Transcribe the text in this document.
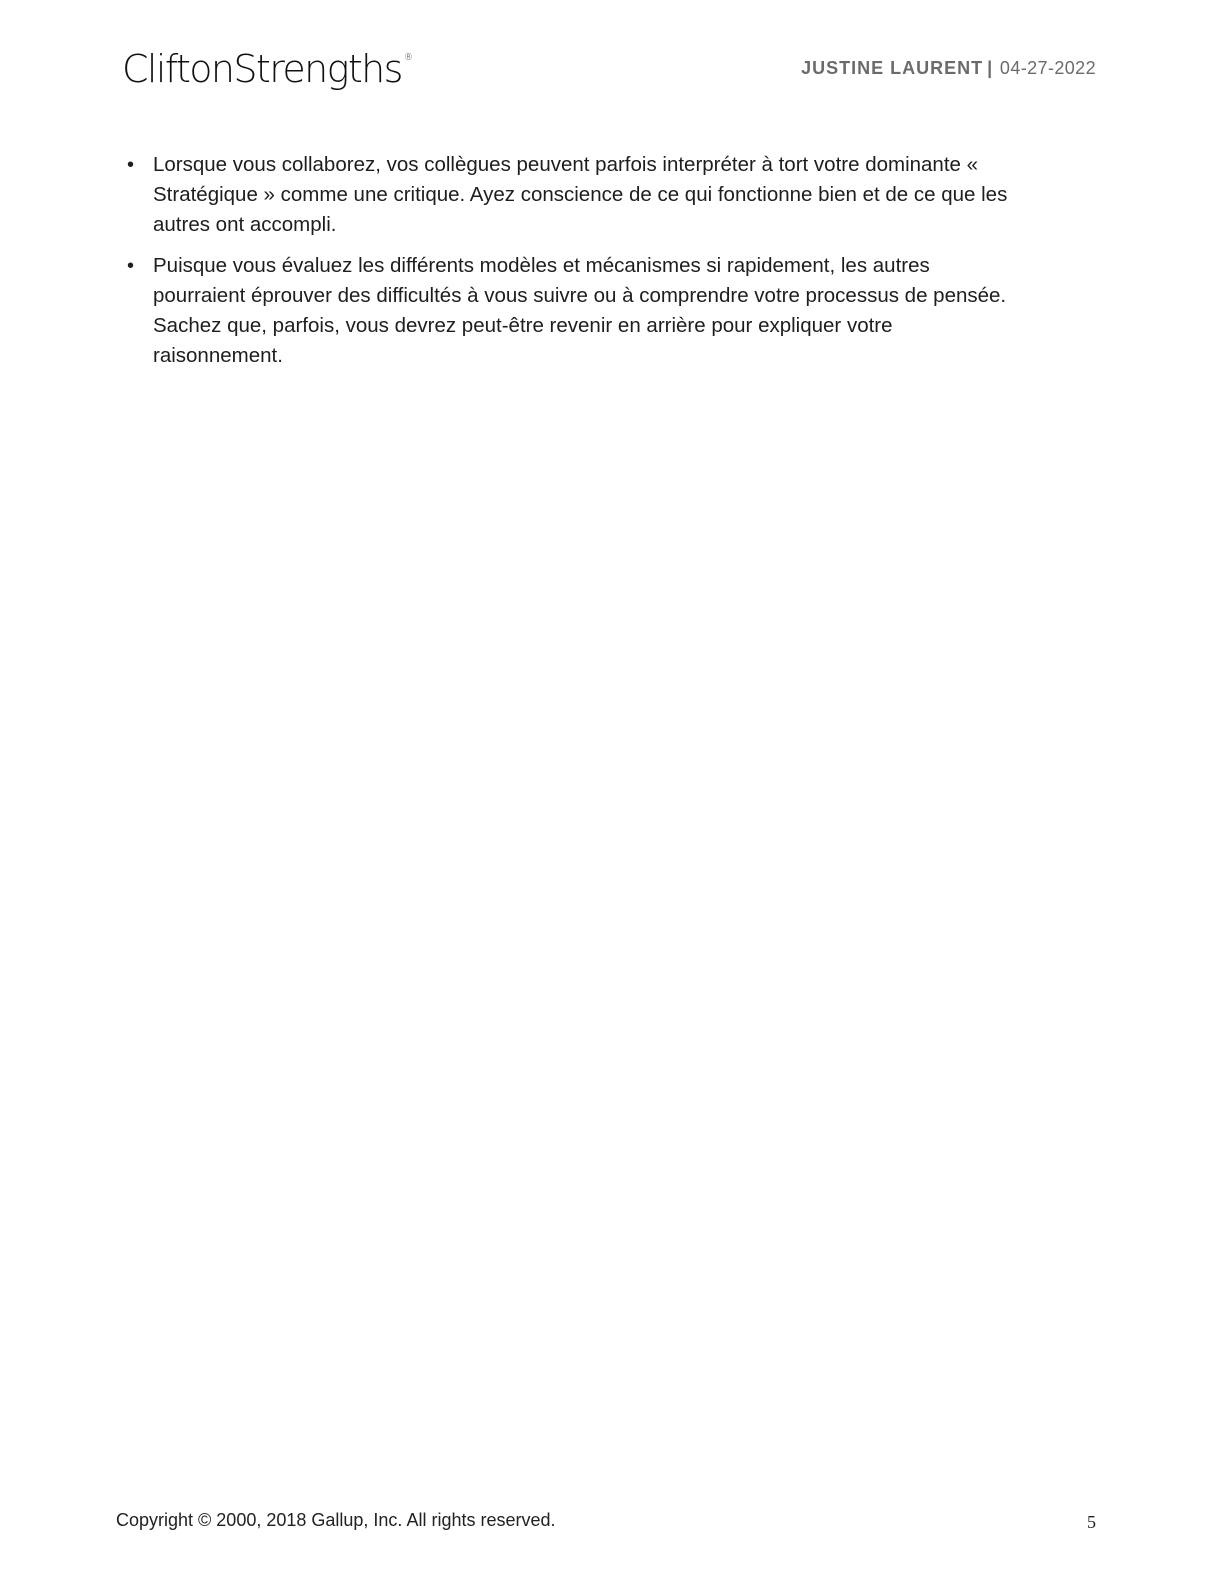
CliftonStrengths ®	JUSTINE LAURENT | 04-27-2022
• Lorsque vous collaborez, vos collègues peuvent parfois interpréter à tort votre dominante « Stratégique » comme une critique. Ayez conscience de ce qui fonctionne bien et de ce que les autres ont accompli.
• Puisque vous évaluez les différents modèles et mécanismes si rapidement, les autres pourraient éprouver des difficultés à vous suivre ou à comprendre votre processus de pensée. Sachez que, parfois, vous devrez peut-être revenir en arrière pour expliquer votre raisonnement.
Copyright © 2000, 2018 Gallup, Inc. All rights reserved.	5
